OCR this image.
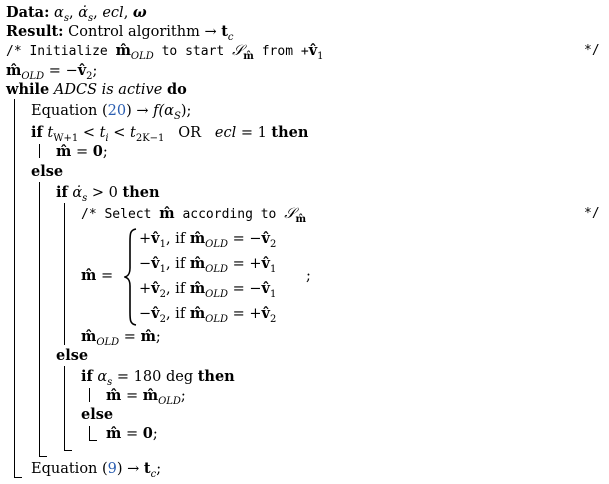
Data: $\alpha_s$, $\alphȧ_s$, ecl, ω
Result: Control algorithm → $t_c$
/* Initialize $m̂_{OLD}$ to start 𝒮$_{m̂}$ from $+v̂_1$	*/
$m̂_{OLD}$ = $-v̂_2$;
while ADCS is active do
Equation $(20) \to f(\alpha_S)$;
if $t_{W+1} < t_i < t_{2K-1}$ OR ecl = 1 then
m̂ = 0;
else
if $\alphȧ_s > 0$ then
/* Select m̂ according to 𝒮$_{m̂}$	*/
m̂ =
$+v̂_1$, if $m̂_{OLD}$ = $-v̂_2$
$-v̂_1$, if $m̂_{OLD}$ = $+v̂_1$
$+v̂_2$, if $m̂_{OLD}$ = $-v̂_1$
$-v̂_2$, if $m̂_{OLD}$ = $+v̂_2$
;
$m̂_{OLD}$ = m̂;
else
if $\alpha_s = 180$ deg then
m̂ = $m̂_{OLD}$;
else
m̂ = 0;
Equation $(9) \to t_c$;
